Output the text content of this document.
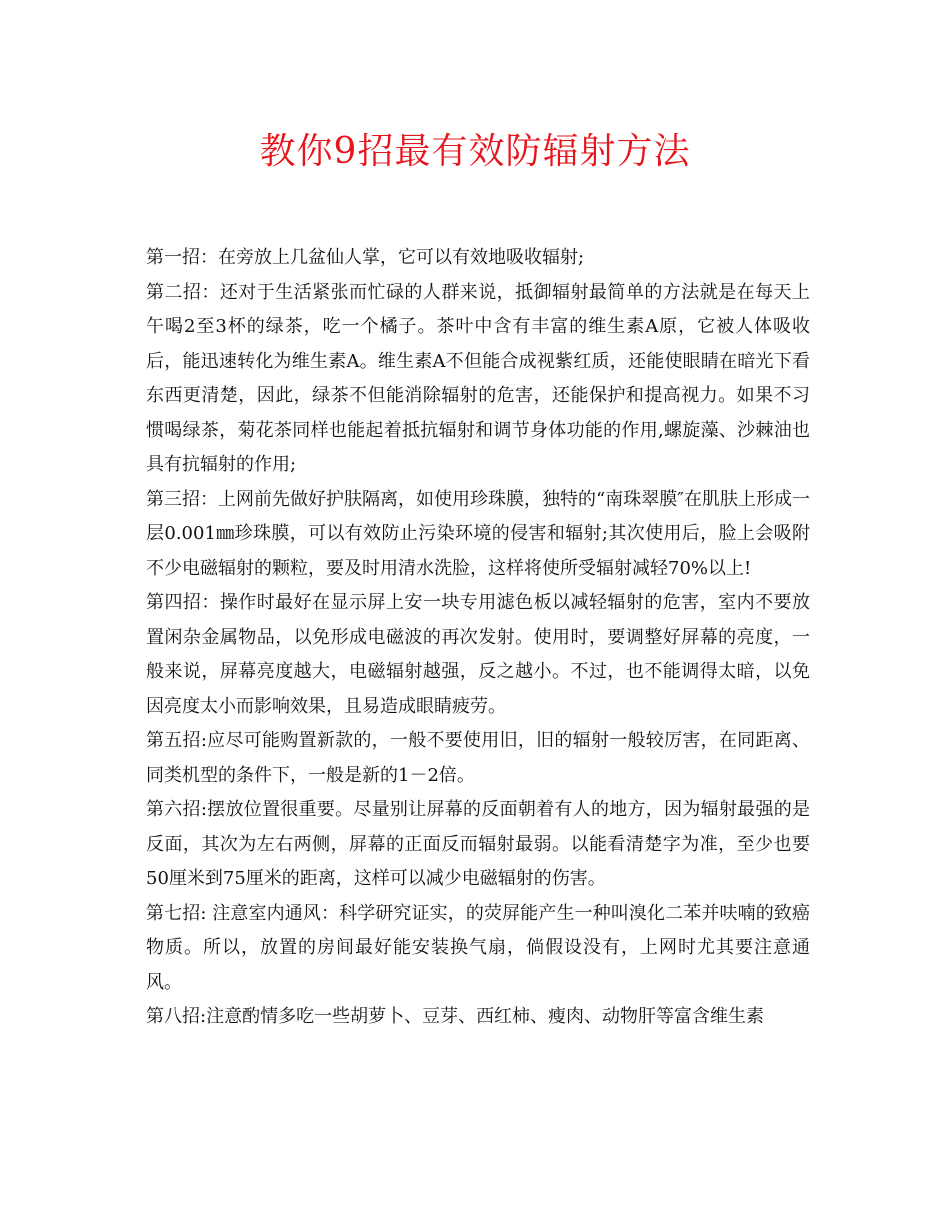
教你9招最有效防辐射方法

第一招：在旁放上几盆仙人掌，它可以有效地吸收辐射;

第二招：还对于生活紧张而忙碌的人群来说，抵御辐射最简单的方法就是在每天上午喝2至3杯的绿茶，吃一个橘子。茶叶中含有丰富的维生素A原，它被人体吸收后，能迅速转化为维生素A。维生素A不但能合成视紫红质，还能使眼睛在暗光下看东西更清楚，因此，绿茶不但能消除辐射的危害，还能保护和提高视力。如果不习惯喝绿茶，菊花茶同样也能起着抵抗辐射和调节身体功能的作用,螺旋藻、沙棘油也具有抗辐射的作用;

第三招：上网前先做好护肤隔离，如使用珍珠膜，独特的“南珠翠膜″在肌肤上形成一层0.001㎜珍珠膜，可以有效防止污染环境的侵害和辐射;其次使用后，脸上会吸附不少电磁辐射的颗粒，要及时用清水洗脸，这样将使所受辐射减轻70%以上!

第四招：操作时最好在显示屏上安一块专用滤色板以减轻辐射的危害，室内不要放置闲杂金属物品，以免形成电磁波的再次发射。使用时，要调整好屏幕的亮度，一般来说，屏幕亮度越大，电磁辐射越强，反之越小。不过，也不能调得太暗，以免因亮度太小而影响效果，且易造成眼睛疲劳。

第五招:应尽可能购置新款的，一般不要使用旧，旧的辐射一般较厉害，在同距离、同类机型的条件下，一般是新的1－2倍。

第六招:摆放位置很重要。尽量别让屏幕的反面朝着有人的地方，因为辐射最强的是反面，其次为左右两侧，屏幕的正面反而辐射最弱。以能看清楚字为准，至少也要50厘米到75厘米的距离，这样可以减少电磁辐射的伤害。

第七招: 注意室内通风：科学研究证实，的荧屏能产生一种叫溴化二苯并呋喃的致癌物质。所以，放置的房间最好能安装换气扇，倘假设没有，上网时尤其要注意通风。

第八招:注意酌情多吃一些胡萝卜、豆芽、西红柿、瘦肉、动物肝等富含维生素
